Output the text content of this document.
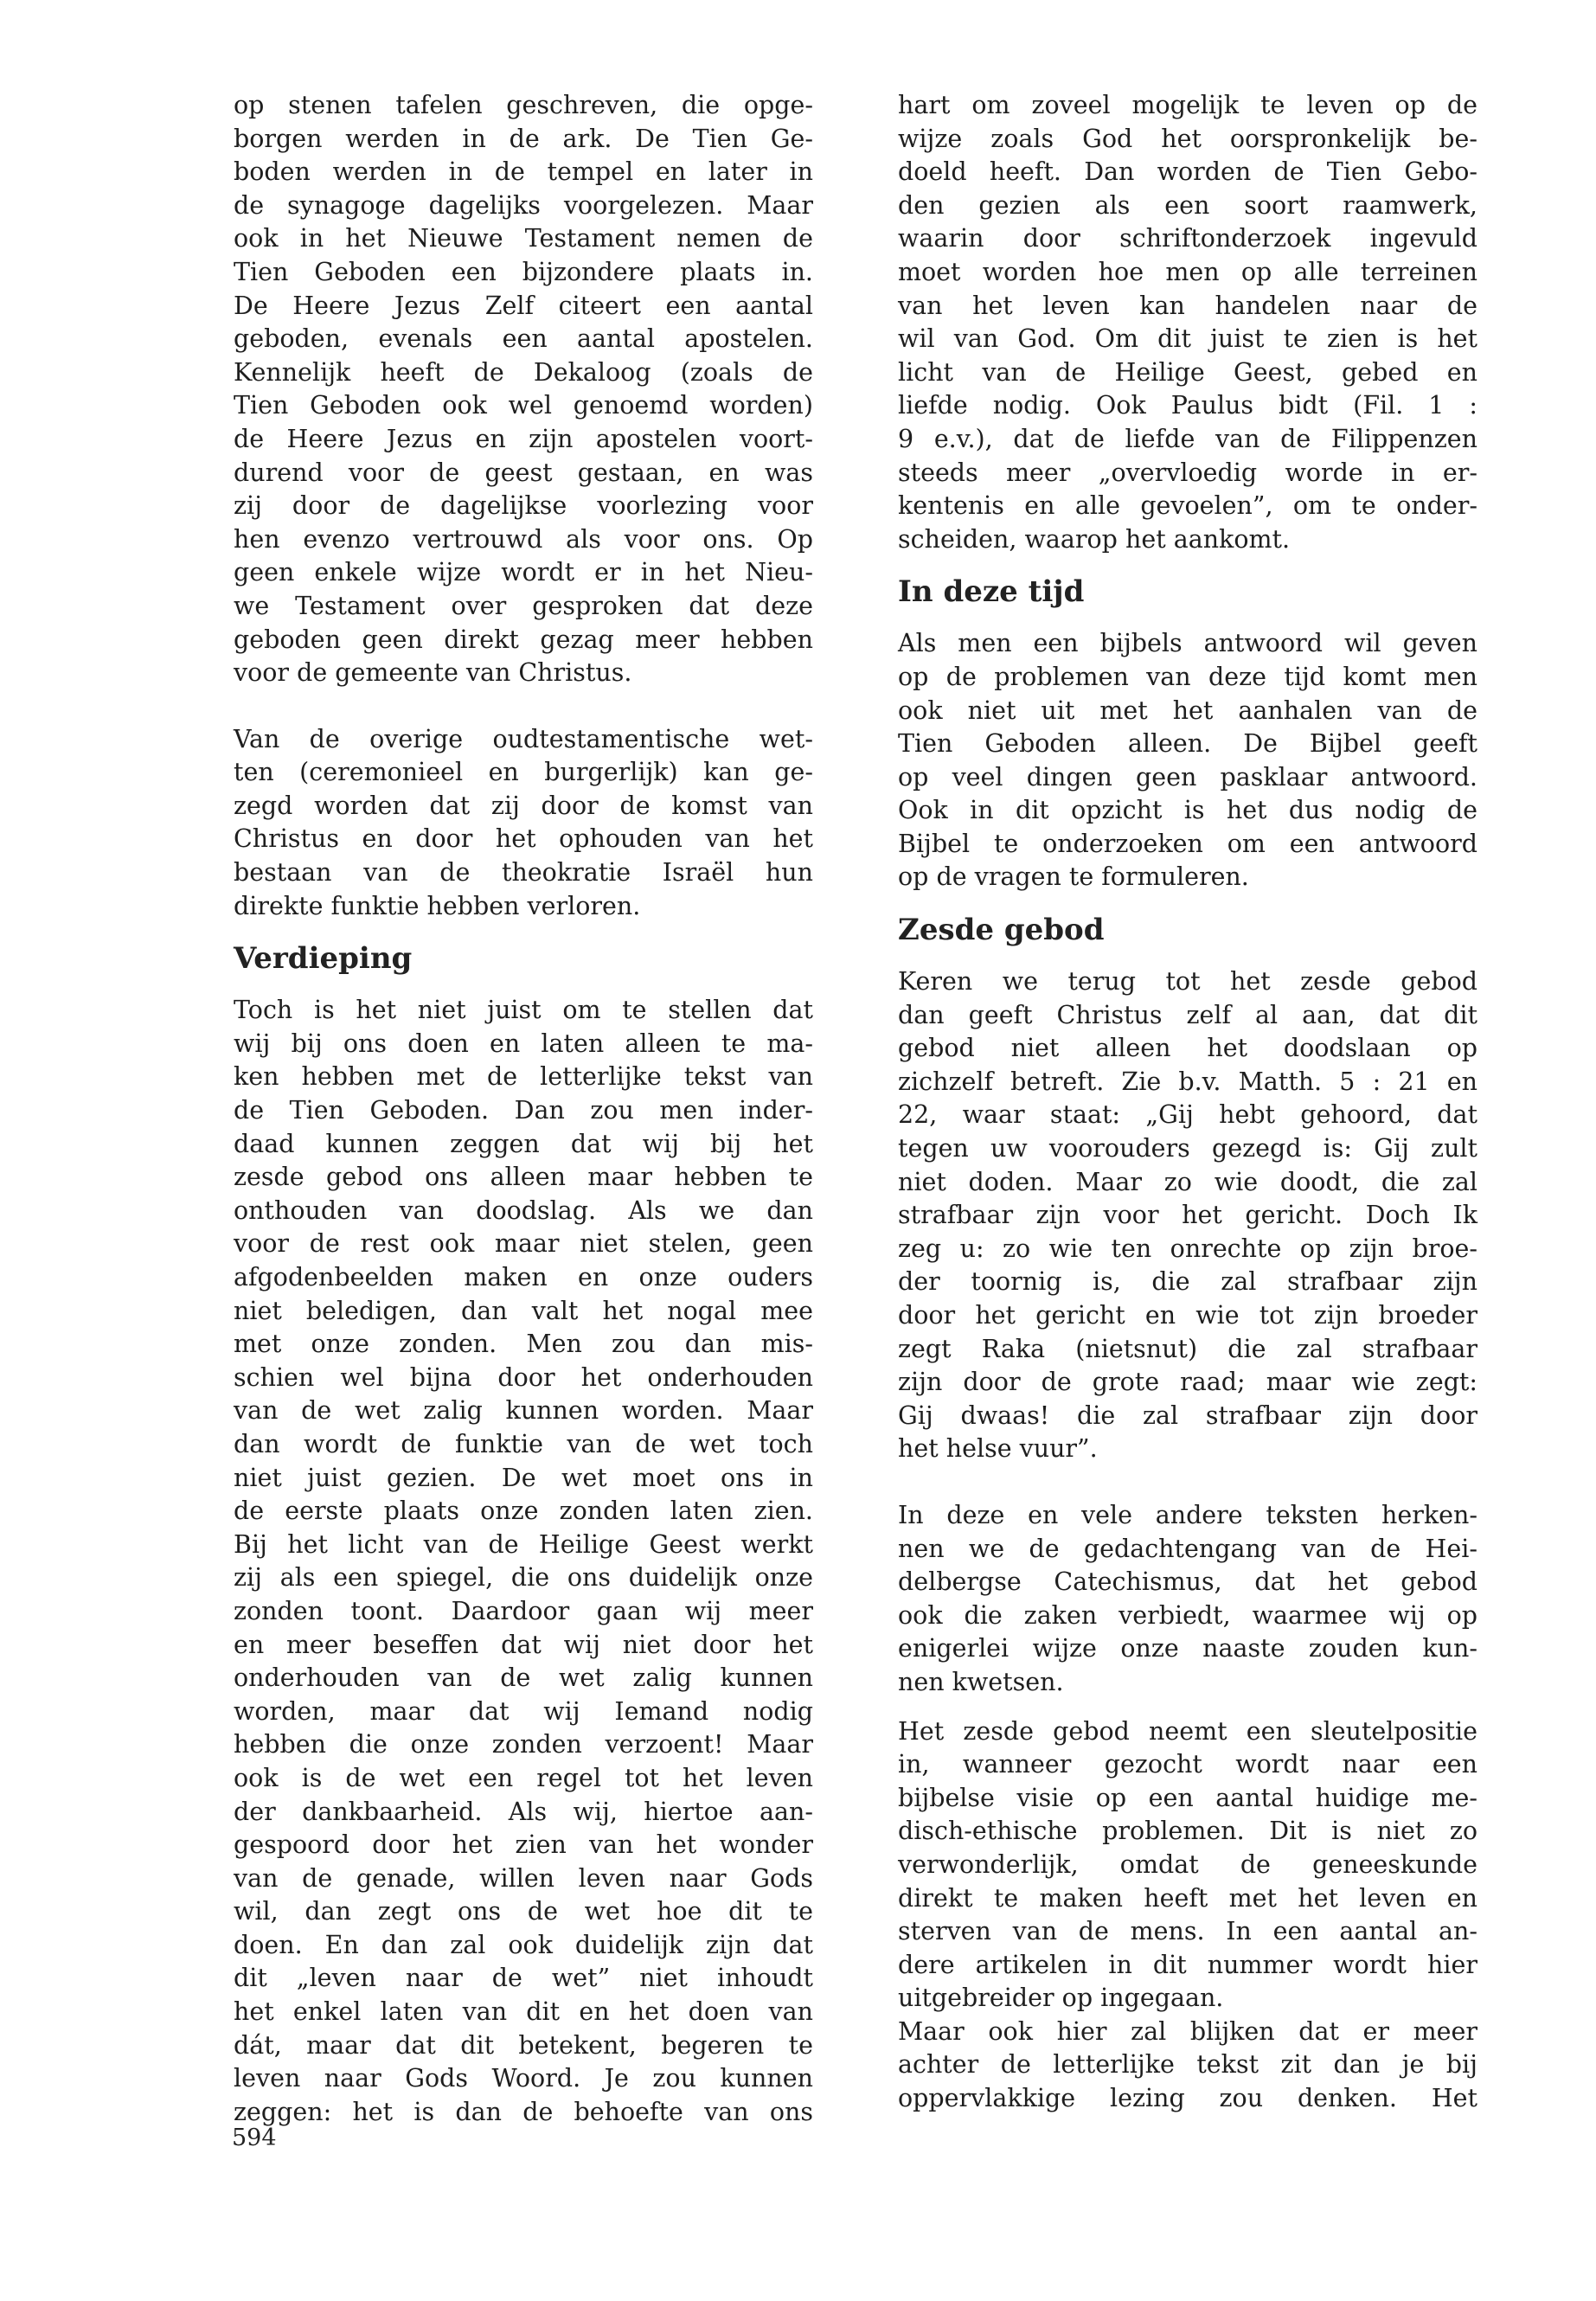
op stenen tafelen geschreven, die opge-
borgen werden in de ark. De Tien Ge-
boden werden in de tempel en later in
de synagoge dagelijks voorgelezen. Maar
ook in het Nieuwe Testament nemen de
Tien Geboden een bijzondere plaats in.
De Heere Jezus Zelf citeert een aantal
geboden, evenals een aantal apostelen.
Kennelijk heeft de Dekaloog (zoals de
Tien Geboden ook wel genoemd worden)
de Heere Jezus en zijn apostelen voort-
durend voor de geest gestaan, en was
zij door de dagelijkse voorlezing voor
hen evenzo vertrouwd als voor ons. Op
geen enkele wijze wordt er in het Nieu-
we Testament over gesproken dat deze
geboden geen direkt gezag meer hebben
voor de gemeente van Christus.
Van de overige oudtestamentische wet-
ten (ceremonieel en burgerlijk) kan ge-
zegd worden dat zij door de komst van
Christus en door het ophouden van het
bestaan van de theokratie Israël hun
direkte funktie hebben verloren.
Verdieping
Toch is het niet juist om te stellen dat
wij bij ons doen en laten alleen te ma-
ken hebben met de letterlijke tekst van
de Tien Geboden. Dan zou men inder-
daad kunnen zeggen dat wij bij het
zesde gebod ons alleen maar hebben te
onthouden van doodslag. Als we dan
voor de rest ook maar niet stelen, geen
afgodenbeelden maken en onze ouders
niet beledigen, dan valt het nogal mee
met onze zonden. Men zou dan mis-
schien wel bijna door het onderhouden
van de wet zalig kunnen worden. Maar
dan wordt de funktie van de wet toch
niet juist gezien. De wet moet ons in
de eerste plaats onze zonden laten zien.
Bij het licht van de Heilige Geest werkt
zij als een spiegel, die ons duidelijk onze
zonden toont. Daardoor gaan wij meer
en meer beseffen dat wij niet door het
onderhouden van de wet zalig kunnen
worden, maar dat wij Iemand nodig
hebben die onze zonden verzoent! Maar
ook is de wet een regel tot het leven
der dankbaarheid. Als wij, hiertoe aan-
gespoord door het zien van het wonder
van de genade, willen leven naar Gods
wil, dan zegt ons de wet hoe dit te
doen. En dan zal ook duidelijk zijn dat
dit „leven naar de wet” niet inhoudt
het enkel laten van dit en het doen van
dát, maar dat dit betekent, begeren te
leven naar Gods Woord. Je zou kunnen
zeggen: het is dan de behoefte van ons
hart om zoveel mogelijk te leven op de
wijze zoals God het oorspronkelijk be-
doeld heeft. Dan worden de Tien Gebo-
den gezien als een soort raamwerk,
waarin door schriftonderzoek ingevuld
moet worden hoe men op alle terreinen
van het leven kan handelen naar de
wil van God. Om dit juist te zien is het
licht van de Heilige Geest, gebed en
liefde nodig. Ook Paulus bidt (Fil. 1 :
9 e.v.), dat de liefde van de Filippenzen
steeds meer „overvloedig worde in er-
kentenis en alle gevoelen”, om te onder-
scheiden, waarop het aankomt.
In deze tijd
Als men een bijbels antwoord wil geven
op de problemen van deze tijd komt men
ook niet uit met het aanhalen van de
Tien Geboden alleen. De Bijbel geeft
op veel dingen geen pasklaar antwoord.
Ook in dit opzicht is het dus nodig de
Bijbel te onderzoeken om een antwoord
op de vragen te formuleren.
Zesde gebod
Keren we terug tot het zesde gebod
dan geeft Christus zelf al aan, dat dit
gebod niet alleen het doodslaan op
zichzelf betreft. Zie b.v. Matth. 5 : 21 en
22, waar staat: „Gij hebt gehoord, dat
tegen uw voorouders gezegd is: Gij zult
niet doden. Maar zo wie doodt, die zal
strafbaar zijn voor het gericht. Doch Ik
zeg u: zo wie ten onrechte op zijn broe-
der toornig is, die zal strafbaar zijn
door het gericht en wie tot zijn broeder
zegt Raka (nietsnut) die zal strafbaar
zijn door de grote raad; maar wie zegt:
Gij dwaas! die zal strafbaar zijn door
het helse vuur”.
In deze en vele andere teksten herken-
nen we de gedachtengang van de Hei-
delbergse Catechismus, dat het gebod
ook die zaken verbiedt, waarmee wij op
enigerlei wijze onze naaste zouden kun-
nen kwetsen.
Het zesde gebod neemt een sleutelpositie
in, wanneer gezocht wordt naar een
bijbelse visie op een aantal huidige me-
disch-ethische problemen. Dit is niet zo
verwonderlijk, omdat de geneeskunde
direkt te maken heeft met het leven en
sterven van de mens. In een aantal an-
dere artikelen in dit nummer wordt hier
uitgebreider op ingegaan.
Maar ook hier zal blijken dat er meer
achter de letterlijke tekst zit dan je bij
oppervlakkige lezing zou denken. Het
594
